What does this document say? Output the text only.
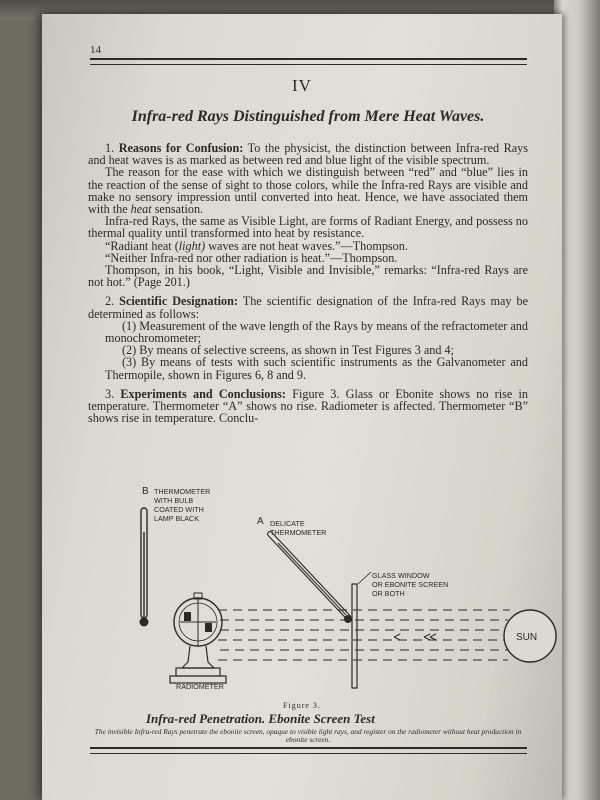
14
IV
Infra-red Rays Distinguished from Mere Heat Waves.

1. Reasons for Confusion: To the physicist, the distinction between Infra-red Rays and heat waves is as marked as between red and blue light of the visible spectrum.

The reason for the ease with which we distinguish between “red” and “blue” lies in the reaction of the sense of sight to those colors, while the Infra-red Rays are visible and make no sensory impression until converted into heat. Hence, we have associated them with the heat sensation.

Infra-red Rays, the same as Visible Light, are forms of Radiant Energy, and possess no thermal quality until transformed into heat by resistance.

“Radiant heat (light) waves are not heat waves.”—Thompson.

“Neither Infra-red nor other radiation is heat.”—Thompson.

Thompson, in his book, “Light, Visible and Invisible,” remarks: “Infra-red Rays are not hot.” (Page 201.)

2. Scientific Designation: The scientific designation of the Infra-red Rays may be determined as follows:

(1) Measurement of the wave length of the Rays by means of the refractometer and monochromometer;

(2) By means of selective screens, as shown in Test Figures 3 and 4;

(3) By means of tests with such scientific instruments as the Galvanometer and Thermopile, shown in Figures 6, 8 and 9.

3. Experiments and Conclusions: Figure 3. Glass or Ebonite shows no rise in temperature. Thermometer “A” shows no rise. Radiometer is affected. Thermometer “B” shows rise in temperature. Conclu-

B THERMOMETER
WITH BULB
COATED WITH
LAMP BLACK
RADIOMETER
A DELICATE
THERMOMETER
GLASS WINDOW
OR EBONITE SCREEN
OR BOTH
SUN
Figure 3.
Infra-red Penetration. Ebonite Screen Test
The invisible Infra-red Rays penetrate the ebonite screen, opaque to visible light rays, and register on the radiometer without heat production in ebonite screen.
